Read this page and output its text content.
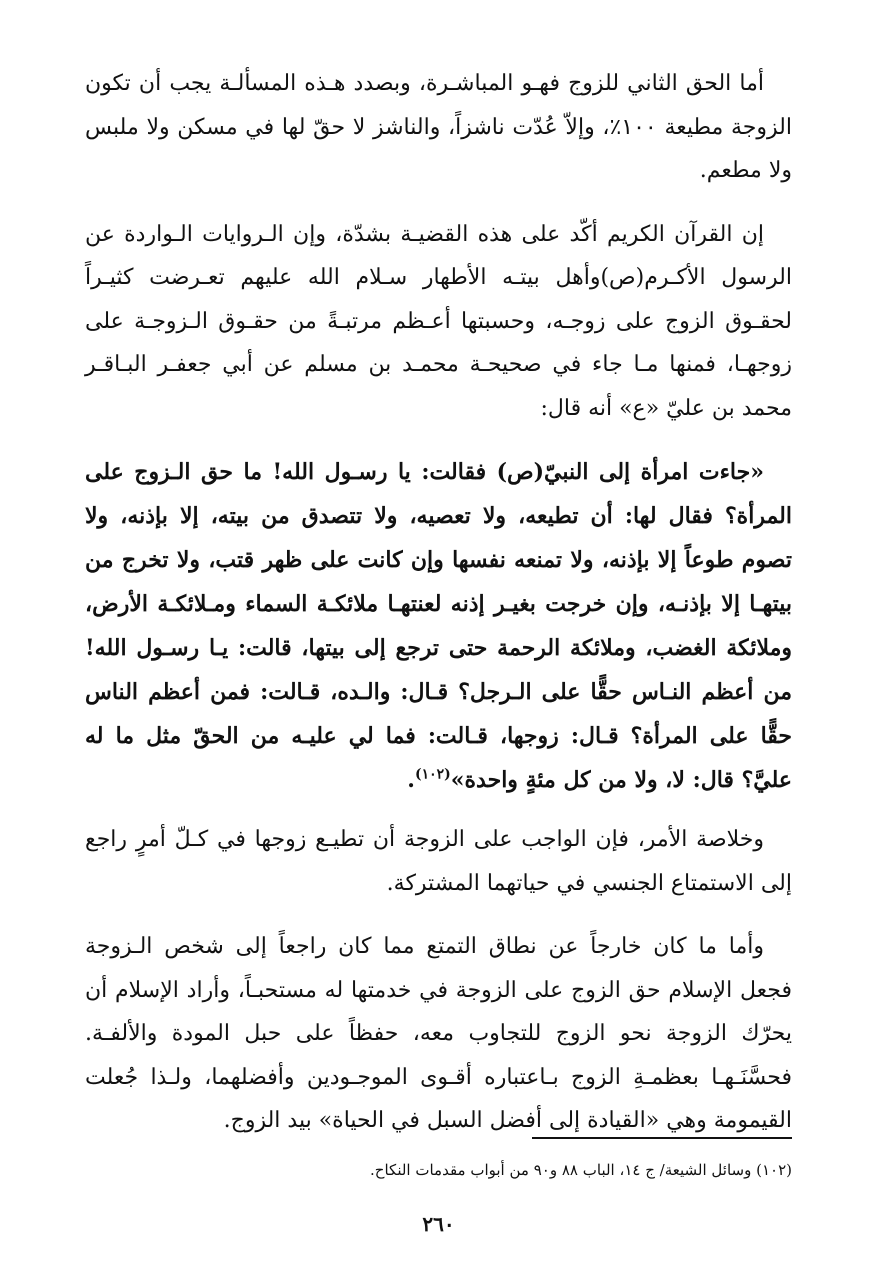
أما الحق الثاني للزوج فهـو المباشـرة، وبصدد هـذه المسألـة يجب أن تكون الزوجة مطيعة ١٠٠٪، وإلاّ عُدّت ناشزاً، والناشز لا حقّ لها في مسكن ولا ملبس ولا مطعم.

إن القرآن الكريم أكّد على هذه القضيـة بشدّة، وإن الـروايات الـواردة عن الرسول الأكـرم(ص)وأهل بيتـه الأطهار سـلام الله عليهم تعـرضت كثيـراً لحقـوق الزوج على زوجـه، وحسبتها أعـظم مرتبـةً من حقـوق الـزوجـة على زوجهـا، فمنها مـا جاء في صحيحـة محمـد بن مسلم عن أبي جعفـر البـاقـر محمد بن عليّ «ع» أنه قال:

«جاءت امرأة إلى النبيّ(ص) فقالت: يا رسـول الله! ما حق الـزوج على المرأة؟ فقال لها: أن تطيعه، ولا تعصيه، ولا تتصدق من بيته، إلا بإذنه، ولا تصوم طوعاً إلا بإذنه، ولا تمنعه نفسها وإن كانت على ظهر قتب، ولا تخرج من بيتهـا إلا بإذنـه، وإن خرجت بغيـر إذنه لعنتهـا ملائكـة السماء ومـلائكـة الأرض، وملائكة الغضب، وملائكة الرحمة حتى ترجع إلى بيتها، قالت: يـا رسـول الله! من أعظم النـاس حقًّا على الـرجل؟ قـال: والـده، قـالت: فمن أعظم الناس حقًّا على المرأة؟ قـال: زوجها، قـالت: فما لي عليـه من الحقّ مثل ما له عليَّ؟ قال: لا، ولا من كل مئةٍ واحدة»$^{(١٠٢)}$.

وخلاصة الأمر، فإن الواجب على الزوجة أن تطيـع زوجها في كـلّ أمرٍ راجع إلى الاستمتاع الجنسي في حياتهما المشتركة.

وأما ما كان خارجاً عن نطاق التمتع مما كان راجعاً إلى شخص الـزوجة فجعل الإسلام حق الزوج على الزوجة في خدمتها له مستحبـاً، وأراد الإسلام أن يحرّك الزوجة نحو الزوج للتجاوب معه، حفظاً على حبل المودة والألفـة. فحسَّنَـهـا بعظمـةِ الزوج بـاعتباره أقـوى الموجـودين وأفضلهما، ولـذا جُعلت القيمومة وهي «القيادة إلى أفضل السبل في الحياة» بيد الزوج.

(١٠٢) وسائل الشيعة/ ج ١٤، الباب ٨٨ و٩٠ من أبواب مقدمات النكاح.
٢٦٠
